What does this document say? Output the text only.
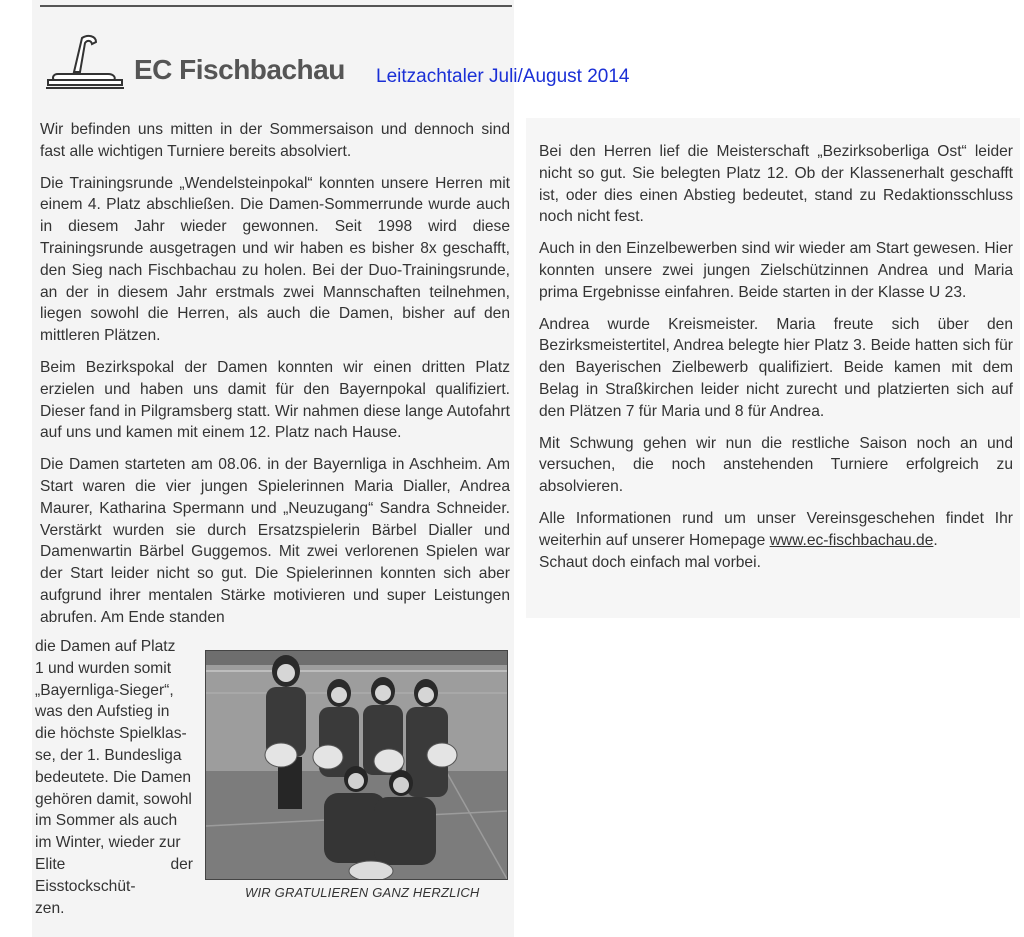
EC Fischbachau Leitzachtaler Juli/August 2014

Wir befinden uns mitten in der Sommersaison und dennoch sind fast alle wichtigen Turniere bereits absolviert.

Die Trainingsrunde „Wendelsteinpokal“ konnten unsere Herren mit einem 4. Platz abschließen. Die Damen-Sommerrunde wurde auch in diesem Jahr wieder gewonnen. Seit 1998 wird diese Trainingsrunde ausgetragen und wir haben es bisher 8x geschafft, den Sieg nach Fischbachau zu holen. Bei der Duo-Trainingsrunde, an der in diesem Jahr erstmals zwei Mannschaften teilnehmen, liegen sowohl die Herren, als auch die Damen, bisher auf den mittleren Plätzen.

Beim Bezirkspokal der Damen konnten wir einen dritten Platz erzielen und haben uns damit für den Bayernpokal qualifiziert. Dieser fand in Pilgramsberg statt. Wir nahmen diese lange Autofahrt auf uns und kamen mit einem 12. Platz nach Hause.

Die Damen starteten am 08.06. in der Bayernliga in Aschheim. Am Start waren die vier jungen Spielerinnen Maria Dialler, Andrea Maurer, Katharina Spermann und „Neuzugang“ Sandra Schneider. Verstärkt wurden sie durch Ersatzspielerin Bärbel Dialler und Damenwartin Bärbel Guggemos. Mit zwei verlorenen Spielen war der Start leider nicht so gut. Die Spielerinnen konnten sich aber aufgrund ihrer mentalen Stärke motivieren und super Leistungen abrufen. Am Ende standen

die Damen auf Platz
1 und wurden somit
„Bayernliga-Sieger“,
was den Aufstieg in
die höchste Spielklas-
se, der 1. Bundesliga
bedeutete. Die Damen
gehören damit, sowohl
im Sommer als auch
im Winter, wieder zur
Elite der Eisstockschüt-
zen.
WIR GRATULIEREN GANZ HERZLICH

Bei den Herren lief die Meisterschaft „Bezirksoberliga Ost“ leider nicht so gut. Sie belegten Platz 12. Ob der Klassenerhalt geschafft ist, oder dies einen Abstieg bedeutet, stand zu Redaktionsschluss noch nicht fest.

Auch in den Einzelbewerben sind wir wieder am Start gewesen. Hier konnten unsere zwei jungen Zielschützinnen Andrea und Maria prima Ergebnisse einfahren. Beide starten in der Klasse U 23.

Andrea wurde Kreismeister. Maria freute sich über den Bezirksmeistertitel, Andrea belegte hier Platz 3. Beide hatten sich für den Bayerischen Zielbewerb qualifiziert. Beide kamen mit dem Belag in Straßkirchen leider nicht zurecht und platzierten sich auf den Plätzen 7 für Maria und 8 für Andrea.

Mit Schwung gehen wir nun die restliche Saison noch an und versuchen, die noch anstehenden Turniere erfolgreich zu absolvieren.

Alle Informationen rund um unser Vereinsgeschehen findet Ihr weiterhin auf unserer Homepage www.ec-fischbachau.de.
Schaut doch einfach mal vorbei.
